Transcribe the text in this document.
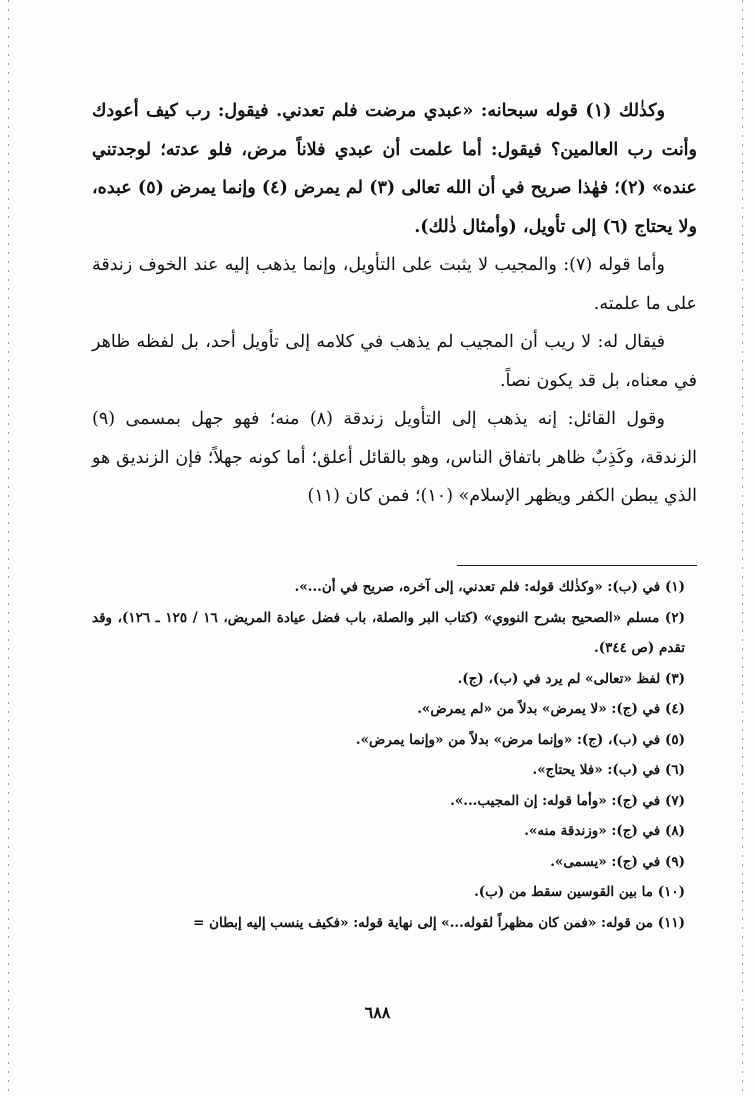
وكذٰلك (١) قوله سبحانه: «عبدي مرضت فلم تعدني. فيقول: رب كيف أعودك وأنت رب العالمين؟ فيقول: أما علمت أن عبدي فلاناً مرض، فلو عدته؛ لوجدتني عنده» (٢)؛ فهٰذا صريح في أن الله تعالى (٣) لم يمرض (٤) وإنما يمرض (٥) عبده، ولا يحتاج (٦) إلى تأويل، (وأمثال ذٰلك).

وأما قوله (٧): والمجيب لا يثبت على التأويل، وإنما يذهب إليه عند الخوف زندقة على ما علمته.

فيقال له: لا ريب أن المجيب لم يذهب في كلامه إلى تأويل أحد، بل لفظه ظاهر في معناه، بل قد يكون نصاً.

وقول القائل: إنه يذهب إلى التأويل زندقة (٨) منه؛ فهو جهل بمسمى (٩) الزندقة، وكَذِبٌ ظاهر باتفاق الناس، وهو بالقائل أعلق؛ أما كونه جهلاً؛ فإن الزنديق هو الذي يبطن الكفر ويظهر الإسلام» (١٠)؛ فمن كان (١١)

(١) في (ب): «وكذٰلك قوله: فلم تعدني، إلى آخره، صريح في أن...».

(٢) مسلم «الصحيح بشرح النووي» (كتاب البر والصلة، باب فضل عيادة المريض، ١٦ / ١٢٥ ـ ١٢٦)، وقد تقدم (ص ٣٤٤).

(٣) لفظ «تعالى» لم يرد في (ب)، (ج).

(٤) في (ج): «لا يمرض» بدلاً من «لم يمرض».

(٥) في (ب)، (ج): «وإنما مرض» بدلاً من «وإنما يمرض».

(٦) في (ب): «فلا يحتاج».

(٧) في (ج): «وأما قوله: إن المجيب...».

(٨) في (ج): «وزندقة منه».

(٩) في (ج): «يسمى».

(١٠) ما بين القوسين سقط من (ب).

(١١) من قوله: «فمن كان مظهراً لقوله...» إلى نهاية قوله: «فكيف ينسب إليه إبطان =

٦٨٨
